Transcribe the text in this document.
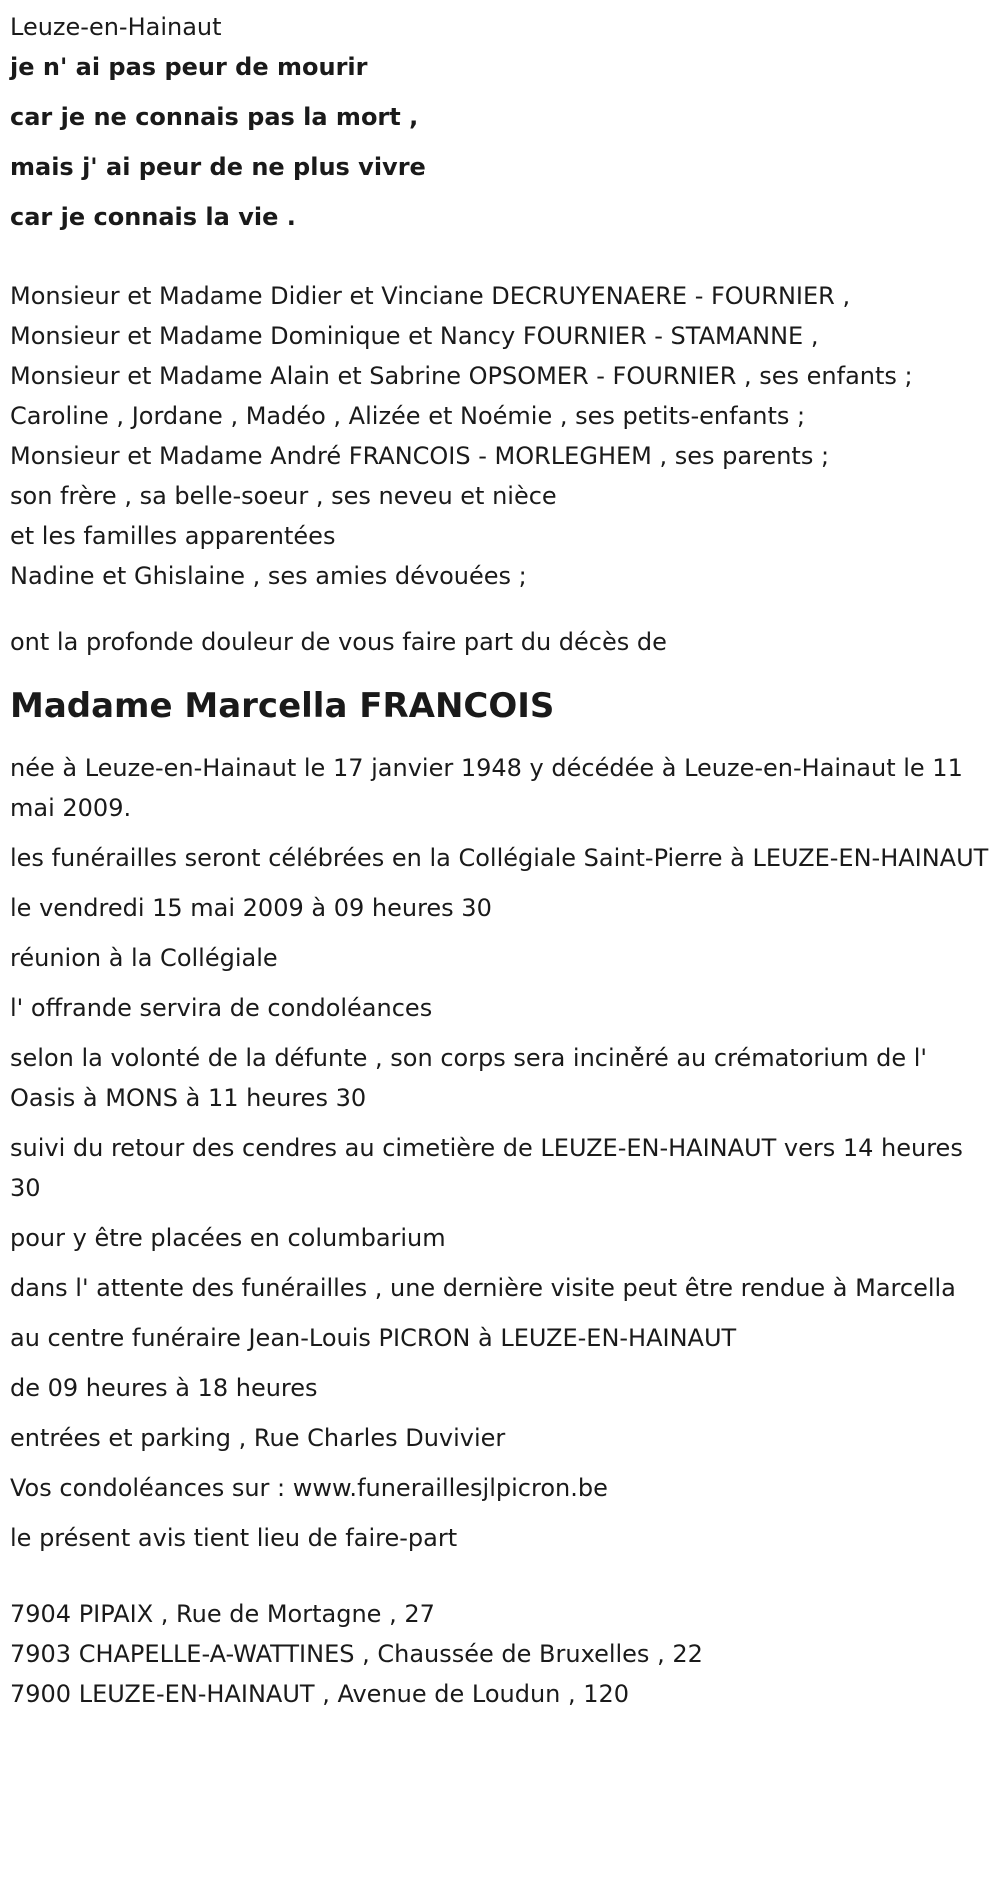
Leuze-en-Hainaut

je n' ai pas peur de mourir

car je ne connais pas la mort ,

mais j' ai peur de ne plus vivre

car je connais la vie .

Monsieur et Madame Didier et Vinciane DECRUYENAERE - FOURNIER ,

Monsieur et Madame Dominique et Nancy FOURNIER - STAMANNE ,

Monsieur et Madame Alain et Sabrine OPSOMER - FOURNIER , ses enfants ;

Caroline , Jordane , Madéo , Alizée et Noémie , ses petits-enfants ;

Monsieur et Madame André FRANCOIS - MORLEGHEM , ses parents ;

son frère , sa belle-soeur , ses neveu et nièce

et les familles apparentées

Nadine et Ghislaine , ses amies dévouées ;

ont la profonde douleur de vous faire part du décès de

Madame Marcella FRANCOIS

née à Leuze-en-Hainaut le 17 janvier 1948 y décédée à Leuze-en-Hainaut le 11 mai 2009.

les funérailles seront célébrées en la Collégiale Saint-Pierre à LEUZE-EN-HAINAUT

le vendredi 15 mai 2009 à 09 heures 30

réunion à la Collégiale

l' offrande servira de condoléances

selon la volonté de la défunte , son corps sera inciné̀ré au crématorium de l' Oasis à MONS à 11 heures 30

suivi du retour des cendres au cimetière de LEUZE-EN-HAINAUT vers 14 heures 30

pour y être placées en columbarium

dans l' attente des funérailles , une dernière visite peut être rendue à Marcella

au centre funéraire Jean-Louis PICRON à LEUZE-EN-HAINAUT

de 09 heures à 18 heures

entrées et parking , Rue Charles Duvivier

Vos condoléances sur : www.funeraillesjlpicron.be

le présent avis tient lieu de faire-part

7904 PIPAIX , Rue de Mortagne , 27

7903 CHAPELLE-A-WATTINES , Chaussée de Bruxelles , 22

7900 LEUZE-EN-HAINAUT , Avenue de Loudun , 120
